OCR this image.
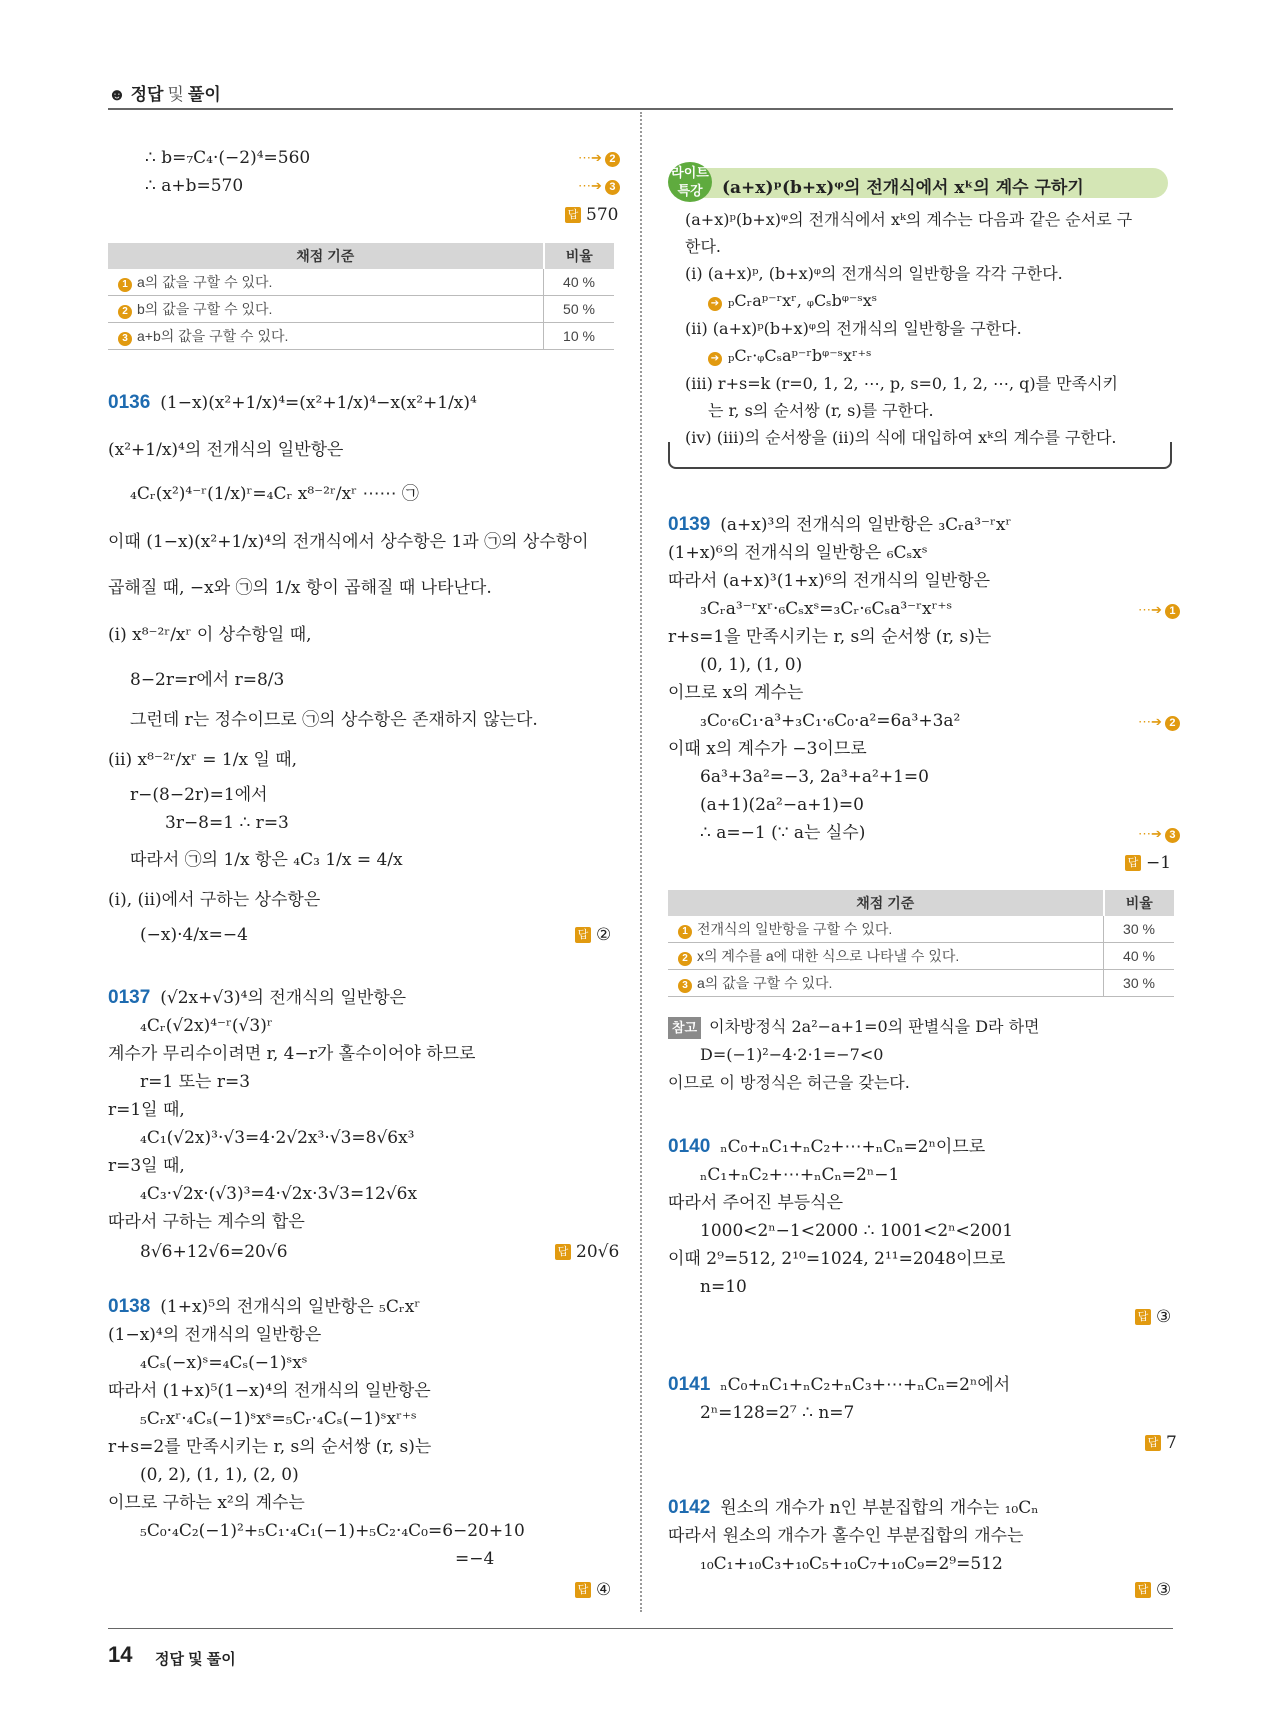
☻ 정답 및 풀이
∴ b=₇C₄·(−2)⁴=560	⋯➔ 2
∴ a+b=570	⋯➔ 3
답 570
채점 기준	비율
1 a의 값을 구할 수 있다.	40 %
2 b의 값을 구할 수 있다.	50 %
3 a+b의 값을 구할 수 있다.	10 %
0136 (1−x)(x²+1/x)⁴=(x²+1/x)⁴−x(x²+1/x)⁴
(x²+1/x)⁴의 전개식의 일반항은
₄Cᵣ(x²)⁴⁻ʳ(1/x)ʳ=₄Cᵣ x⁸⁻²ʳ/xʳ ⋯⋯ ㉠
이때 (1−x)(x²+1/x)⁴의 전개식에서 상수항은 1과 ㉠의 상수항이
곱해질 때, −x와 ㉠의 1/x 항이 곱해질 때 나타난다.
(ⅰ) x⁸⁻²ʳ/xʳ 이 상수항일 때,
8−2r=r에서 r=8/3
그런데 r는 정수이므로 ㉠의 상수항은 존재하지 않는다.
(ⅱ) x⁸⁻²ʳ/xʳ = 1/x 일 때,
r−(8−2r)=1에서
3r−8=1 ∴ r=3
따라서 ㉠의 1/x 항은 ₄C₃ 1/x = 4/x
(ⅰ), (ⅱ)에서 구하는 상수항은
(−x)·4/x=−4	답 ②
0137 (√2x+√3)⁴의 전개식의 일반항은
₄Cᵣ(√2x)⁴⁻ʳ(√3)ʳ
계수가 무리수이려면 r, 4−r가 홀수이어야 하므로
r=1 또는 r=3
r=1일 때,
₄C₁(√2x)³·√3=4·2√2x³·√3=8√6x³
r=3일 때,
₄C₃·√2x·(√3)³=4·√2x·3√3=12√6x
따라서 구하는 계수의 합은
8√6+12√6=20√6	답 20√6
0138 (1+x)⁵의 전개식의 일반항은 ₅Cᵣxʳ
(1−x)⁴의 전개식의 일반항은
₄Cₛ(−x)ˢ=₄Cₛ(−1)ˢxˢ
따라서 (1+x)⁵(1−x)⁴의 전개식의 일반항은
₅Cᵣxʳ·₄Cₛ(−1)ˢxˢ=₅Cᵣ·₄Cₛ(−1)ˢxʳ⁺ˢ
r+s=2를 만족시키는 r, s의 순서쌍 (r, s)는
(0, 2), (1, 1), (2, 0)
이므로 구하는 x²의 계수는
₅C₀·₄C₂(−1)²+₅C₁·₄C₁(−1)+₅C₂·₄C₀=6−20+10
=−4
답 ④
라이트
특강	(a+x)ᵖ(b+x)ᵠ의 전개식에서 xᵏ의 계수 구하기
(a+x)ᵖ(b+x)ᵠ의 전개식에서 xᵏ의 계수는 다음과 같은 순서로 구
한다.
(ⅰ) (a+x)ᵖ, (b+x)ᵠ의 전개식의 일반항을 각각 구한다.
➔ ₚCᵣaᵖ⁻ʳxʳ, ᵩCₛbᵠ⁻ˢxˢ
(ⅱ) (a+x)ᵖ(b+x)ᵠ의 전개식의 일반항을 구한다.
➔ ₚCᵣ·ᵩCₛaᵖ⁻ʳbᵠ⁻ˢxʳ⁺ˢ
(ⅲ) r+s=k (r=0, 1, 2, ⋯, p, s=0, 1, 2, ⋯, q)를 만족시키
는 r, s의 순서쌍 (r, s)를 구한다.
(ⅳ) (ⅲ)의 순서쌍을 (ⅱ)의 식에 대입하여 xᵏ의 계수를 구한다.
0139 (a+x)³의 전개식의 일반항은 ₃Cᵣa³⁻ʳxʳ
(1+x)⁶의 전개식의 일반항은 ₆Cₛxˢ
따라서 (a+x)³(1+x)⁶의 전개식의 일반항은
₃Cᵣa³⁻ʳxʳ·₆Cₛxˢ=₃Cᵣ·₆Cₛa³⁻ʳxʳ⁺ˢ	⋯➔ 1
r+s=1을 만족시키는 r, s의 순서쌍 (r, s)는
(0, 1), (1, 0)
이므로 x의 계수는
₃C₀·₆C₁·a³+₃C₁·₆C₀·a²=6a³+3a²	⋯➔ 2
이때 x의 계수가 −3이므로
6a³+3a²=−3, 2a³+a²+1=0
(a+1)(2a²−a+1)=0
∴ a=−1 (∵ a는 실수)	⋯➔ 3
답 −1
채점 기준	비율
1 전개식의 일반항을 구할 수 있다.	30 %
2 x의 계수를 a에 대한 식으로 나타낼 수 있다.	40 %
3 a의 값을 구할 수 있다.	30 %
참고 이차방정식 2a²−a+1=0의 판별식을 D라 하면
D=(−1)²−4·2·1=−7<0
이므로 이 방정식은 허근을 갖는다.
0140 ₙC₀+ₙC₁+ₙC₂+⋯+ₙCₙ=2ⁿ이므로
ₙC₁+ₙC₂+⋯+ₙCₙ=2ⁿ−1
따라서 주어진 부등식은
1000<2ⁿ−1<2000 ∴ 1001<2ⁿ<2001
이때 2⁹=512, 2¹⁰=1024, 2¹¹=2048이므로
n=10
답 ③
0141 ₙC₀+ₙC₁+ₙC₂+ₙC₃+⋯+ₙCₙ=2ⁿ에서
2ⁿ=128=2⁷ ∴ n=7
답 7
0142 원소의 개수가 n인 부분집합의 개수는 ₁₀Cₙ
따라서 원소의 개수가 홀수인 부분집합의 개수는
₁₀C₁+₁₀C₃+₁₀C₅+₁₀C₇+₁₀C₉=2⁹=512
답 ③
14 정답 및 풀이
